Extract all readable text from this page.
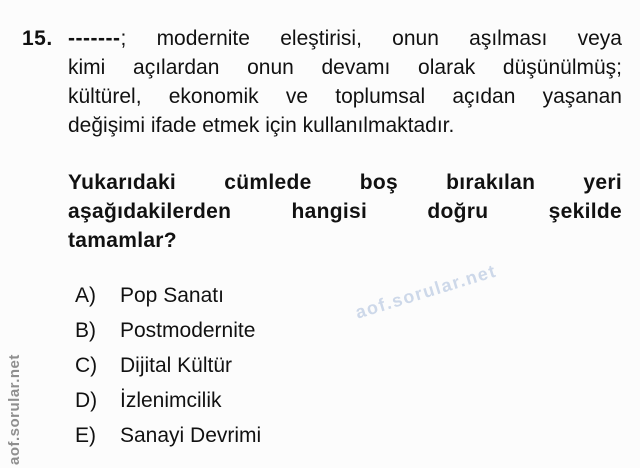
aof.sorular.net
aof.sorular.net
15. -------; modernite eleştirisi, onun aşılması veya
kimi açılardan onun devamı olarak düşünülmüş;
kültürel, ekonomik ve toplumsal açıdan yaşanan
değişimi ifade etmek için kullanılmaktadır.
Yukarıdaki cümlede boş bırakılan yeri
aşağıdakilerden hangisi doğru şekilde
tamamlar?
A)	Pop Sanatı
B)	Postmodernite
C)	Dijital Kültür
D)	İzlenimcilik
E)	Sanayi Devrimi
